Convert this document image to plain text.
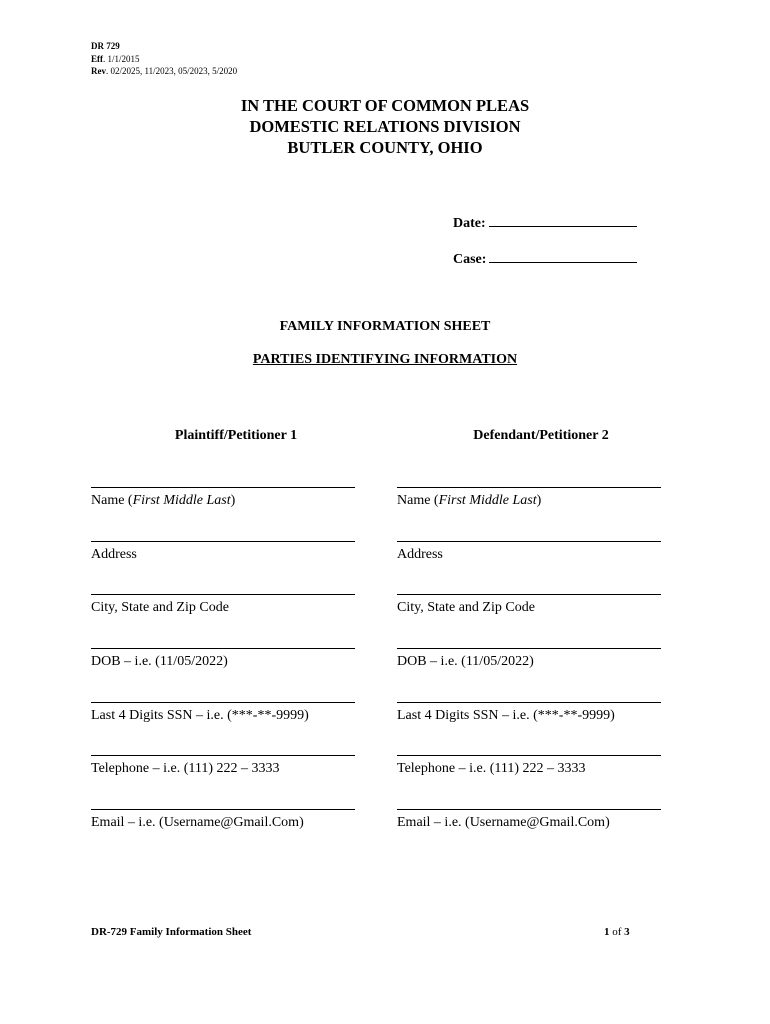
DR 729
Eff. 1/1/2015
Rev. 02/2025, 11/2023, 05/2023, 5/2020
IN THE COURT OF COMMON PLEAS
DOMESTIC RELATIONS DIVISION
BUTLER COUNTY, OHIO
Date:
Case:
FAMILY INFORMATION SHEET
PARTIES IDENTIFYING INFORMATION
Plaintiff/Petitioner 1	Defendant/Petitioner 2
Name (First Middle Last)
Address
City, State and Zip Code
DOB – i.e. (11/05/2022)
Last 4 Digits SSN – i.e. (***-**-9999)
Telephone – i.e. (111) 222 – 3333
Email – i.e. (Username@Gmail.Com)
Name (First Middle Last)
Address
City, State and Zip Code
DOB – i.e. (11/05/2022)
Last 4 Digits SSN – i.e. (***-**-9999)
Telephone – i.e. (111) 222 – 3333
Email – i.e. (Username@Gmail.Com)
DR-729 Family Information Sheet	1 of 3
